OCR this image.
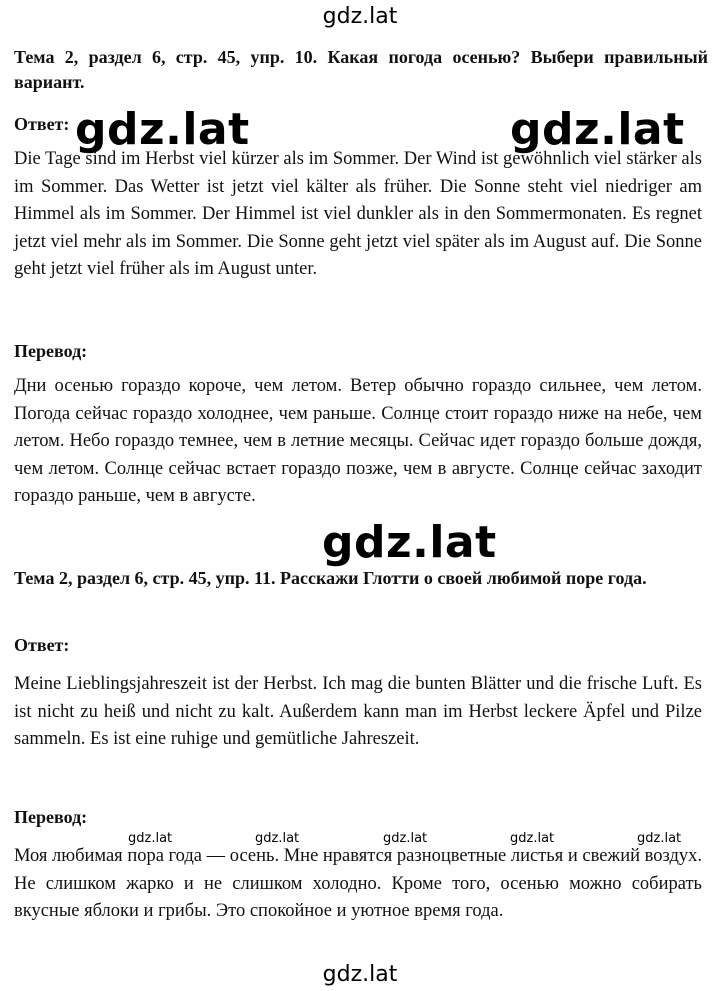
gdz.lat
gdz.lat	gdz.lat
gdz.lat
gdz.lat	gdz.lat	gdz.lat	gdz.lat	gdz.lat
gdz.lat
Тема 2, раздел 6, стр. 45, упр. 10. Какая погода осенью? Выбери правильный вариант.
Ответ:
Die Tage sind im Herbst viel kürzer als im Sommer. Der Wind ist gewöhnlich viel stärker als im Sommer. Das Wetter ist jetzt viel kälter als früher. Die Sonne steht viel niedriger am Himmel als im Sommer. Der Himmel ist viel dunkler als in den Sommermonaten. Es regnet jetzt viel mehr als im Sommer. Die Sonne geht jetzt viel später als im August auf. Die Sonne geht jetzt viel früher als im August unter.
Перевод:
Дни осенью гораздо короче, чем летом. Ветер обычно гораздо сильнее, чем летом. Погода сейчас гораздо холоднее, чем раньше. Солнце стоит гораздо ниже на небе, чем летом. Небо гораздо темнее, чем в летние месяцы. Сейчас идет гораздо больше дождя, чем летом. Солнце сейчас встает гораздо позже, чем в августе. Солнце сейчас заходит гораздо раньше, чем в августе.
Тема 2, раздел 6, стр. 45, упр. 11. Расскажи Глотти о своей любимой поре года.
Ответ:
Meine Lieblingsjahreszeit ist der Herbst. Ich mag die bunten Blätter und die frische Luft. Es ist nicht zu heiß und nicht zu kalt. Außerdem kann man im Herbst leckere Äpfel und Pilze sammeln. Es ist eine ruhige und gemütliche Jahreszeit.
Перевод:
Моя любимая пора года — осень. Мне нравятся разноцветные листья и свежий воздух. Не слишком жарко и не слишком холодно. Кроме того, осенью можно собирать вкусные яблоки и грибы. Это спокойное и уютное время года.
